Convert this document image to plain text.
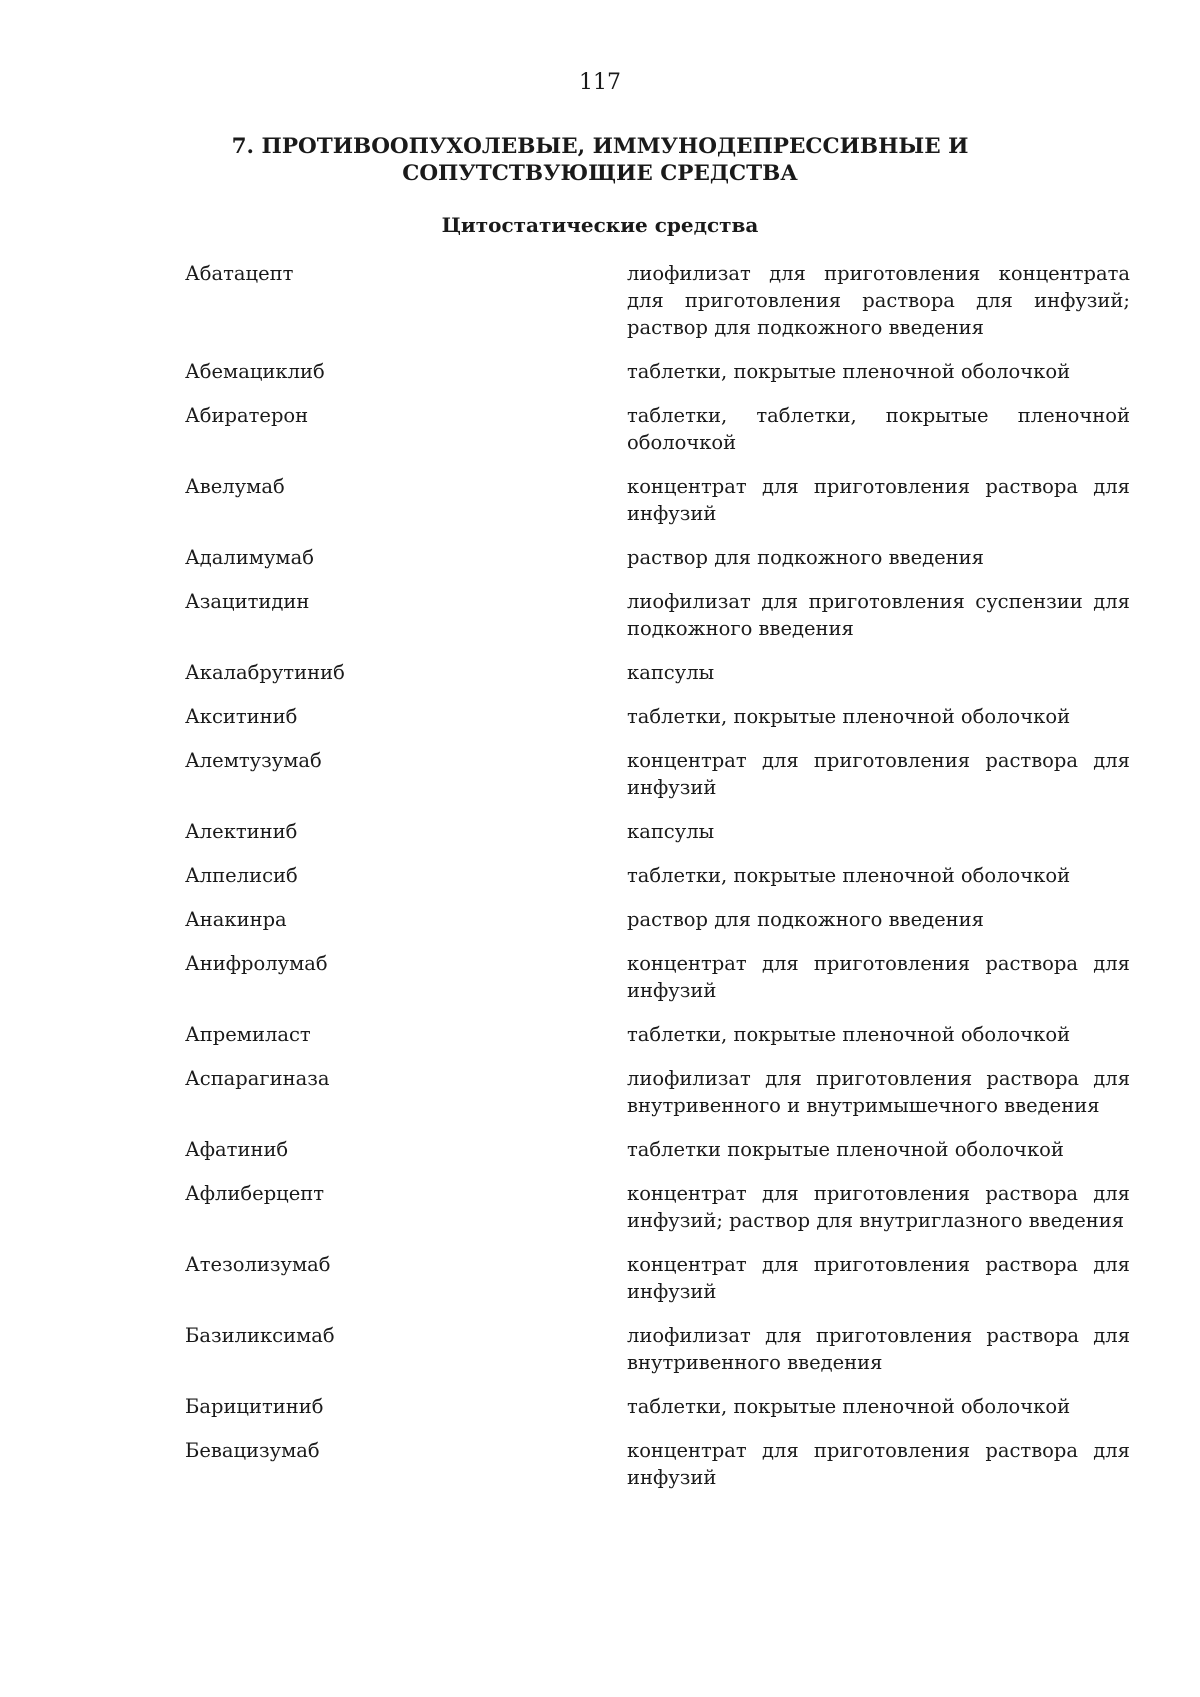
117
7. ПРОТИВООПУХОЛЕВЫЕ, ИММУНОДЕПРЕССИВНЫЕ И
СОПУТСТВУЮЩИЕ СРЕДСТВА
Цитостатические средства
Абатацепт	лиофилизат для приготовления концентрата для приготовления раствора для инфузий; раствор для подкожного введения
Абемациклиб	таблетки, покрытые пленочной оболочкой
Абиратерон	таблетки, таблетки, покрытые пленочной оболочкой
Авелумаб	концентрат для приготовления раствора для инфузий
Адалимумаб	раствор для подкожного введения
Азацитидин	лиофилизат для приготовления суспензии для подкожного введения
Акалабрутиниб	капсулы
Акситиниб	таблетки, покрытые пленочной оболочкой
Алемтузумаб	концентрат для приготовления раствора для инфузий
Алектиниб	капсулы
Алпелисиб	таблетки, покрытые пленочной оболочкой
Анакинра	раствор для подкожного введения
Анифролумаб	концентрат для приготовления раствора для инфузий
Апремиласт	таблетки, покрытые пленочной оболочкой
Аспарагиназа	лиофилизат для приготовления раствора для внутривенного и внутримышечного введения
Афатиниб	таблетки покрытые пленочной оболочкой
Афлиберцепт	концентрат для приготовления раствора для инфузий; раствор для внутриглазного введения
Атезолизумаб	концентрат для приготовления раствора для инфузий
Базиликсимаб	лиофилизат для приготовления раствора для внутривенного введения
Барицитиниб	таблетки, покрытые пленочной оболочкой
Бевацизумаб	концентрат для приготовления раствора для инфузий
